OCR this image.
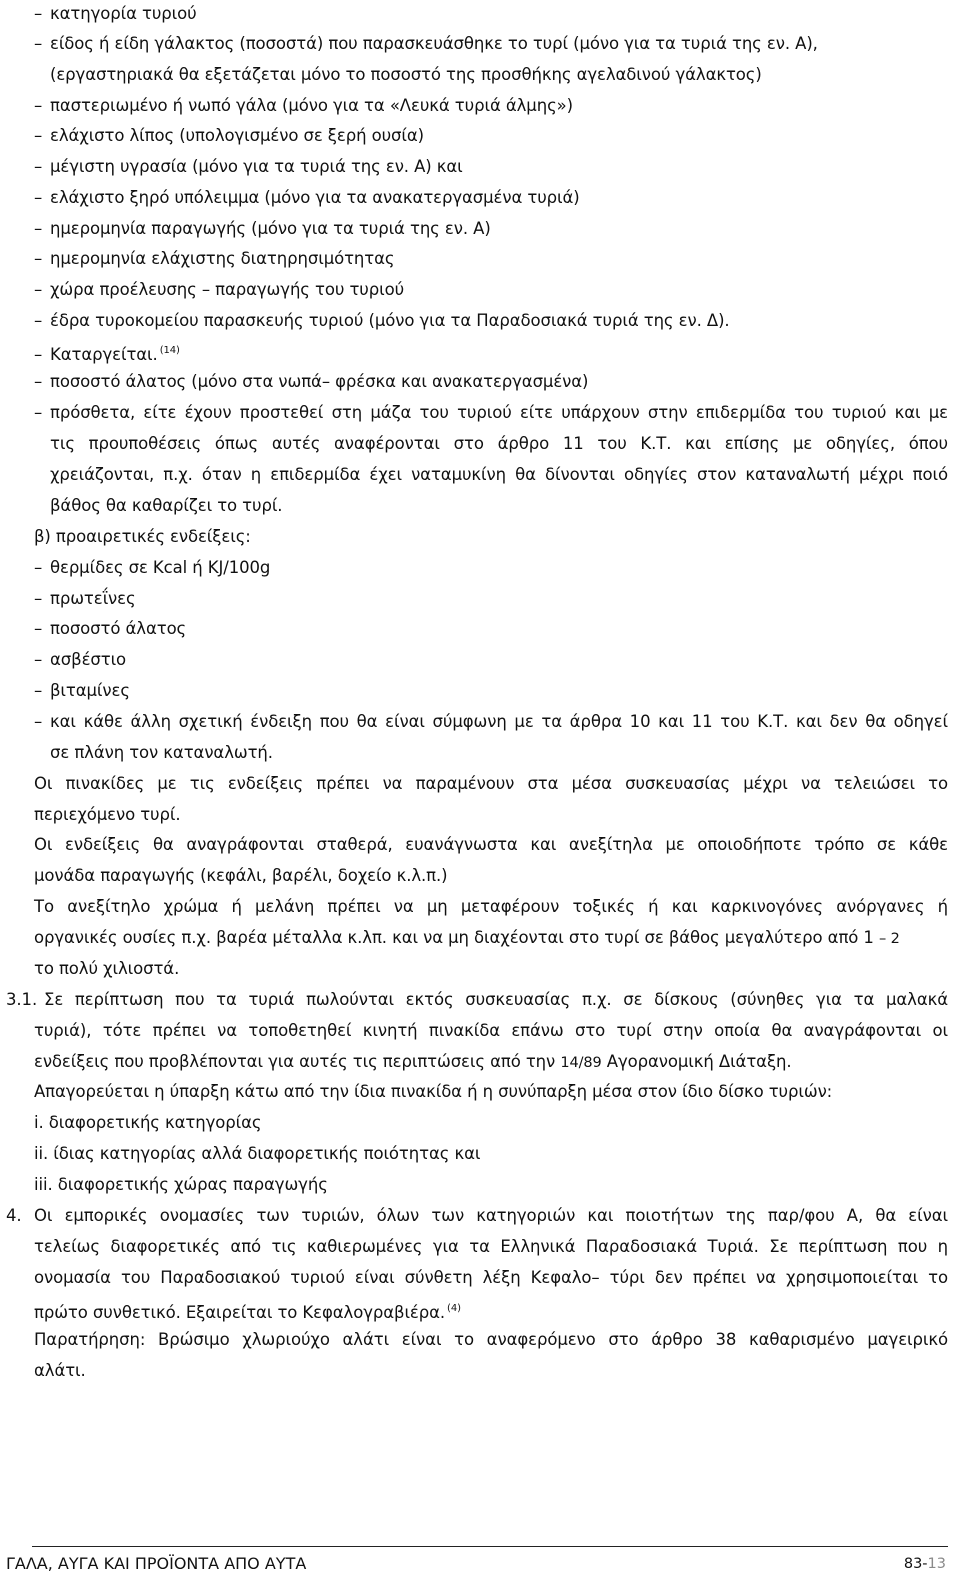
– κατηγορία τυριού
– είδος ή είδη γάλακτος (ποσοστά) που παρασκευάσθηκε το τυρί (μόνο για τα τυριά της εν. Α),
(εργαστηριακά θα εξετάζεται μόνο το ποσοστό της προσθήκης αγελαδινού γάλακτος)
– παστεριωμένο ή νωπό γάλα (μόνο για τα «Λευκά τυριά άλμης»)
– ελάχιστο λίπος (υπολογισμένο σε ξερή ουσία)
– μέγιστη υγρασία (μόνο για τα τυριά της εν. Α) και
– ελάχιστο ξηρό υπόλειμμα (μόνο για τα ανακατεργασμένα τυριά)
– ημερομηνία παραγωγής (μόνο για τα τυριά της εν. Α)
– ημερομηνία ελάχιστης διατηρησιμότητας
– χώρα προέλευσης – παραγωγής του τυριού
– έδρα τυροκομείου παρασκευής τυριού (μόνο για τα Παραδοσιακά τυριά της εν. Δ).
– Καταργείται. $^{(14)}$
– ποσοστό άλατος (μόνο στα νωπά– φρέσκα και ανακατεργασμένα)
– πρόσθετα, είτε έχουν προστεθεί στη μάζα του τυριού είτε υπάρχουν στην επιδερμίδα του τυριού και με
τις προυποθέσεις όπως αυτές αναφέρονται στο άρθρο 11 του Κ.Τ. και επίσης με οδηγίες, όπου
χρειάζονται, π.χ. όταν η επιδερμίδα έχει ναταμυκίνη θα δίνονται οδηγίες στον καταναλωτή μέχρι ποιό
βάθος θα καθαρίζει το τυρί.
β) προαιρετικές ενδείξεις:
– θερμίδες σε Kcal ή KJ/100g
– πρωτεΐνες
– ποσοστό άλατος
– ασβέστιο
– βιταμίνες
– και κάθε άλλη σχετική ένδειξη που θα είναι σύμφωνη με τα άρθρα 10 και 11 του Κ.Τ. και δεν θα οδηγεί
σε πλάνη τον καταναλωτή.
Οι πινακίδες με τις ενδείξεις πρέπει να παραμένουν στα μέσα συσκευασίας μέχρι να τελειώσει το
περιεχόμενο τυρί.
Οι ενδείξεις θα αναγράφονται σταθερά, ευανάγνωστα και ανεξίτηλα με οποιοδήποτε τρόπο σε κάθε
μονάδα παραγωγής (κεφάλι, βαρέλι, δοχείο κ.λ.π.)
Το ανεξίτηλο χρώμα ή μελάνη πρέπει να μη μεταφέρουν τοξικές ή και καρκινογόνες ανόργανες ή
οργανικές ουσίες π.χ. βαρέα μέταλλα κ.λπ. και να μη διαχέονται στο τυρί σε βάθος μεγαλύτερο από 1 – 2
το πολύ χιλιοστά.
3.1. Σε περίπτωση που τα τυριά πωλούνται εκτός συσκευασίας π.χ. σε δίσκους (σύνηθες για τα μαλακά
τυριά), τότε πρέπει να τοποθετηθεί κινητή πινακίδα επάνω στο τυρί στην οποία θα αναγράφονται οι
ενδείξεις που προβλέπονται για αυτές τις περιπτώσεις από την 14/89 Αγορανομική Διάταξη.
Απαγορεύεται η ύπαρξη κάτω από την ίδια πινακίδα ή η συνύπαρξη μέσα στον ίδιο δίσκο τυριών:
i. διαφορετικής κατηγορίας
ii. ίδιας κατηγορίας αλλά διαφορετικής ποιότητας και
iii. διαφορετικής χώρας παραγωγής
4. Οι εμπορικές ονομασίες των τυριών, όλων των κατηγοριών και ποιοτήτων της παρ/φου Α, θα είναι
τελείως διαφορετικές από τις καθιερωμένες για τα Ελληνικά Παραδοσιακά Τυριά. Σε περίπτωση που η
ονομασία του Παραδοσιακού τυριού είναι σύνθετη λέξη Κεφαλο– τύρι δεν πρέπει να χρησιμοποιείται το
πρώτο συνθετικό. Εξαιρείται το Κεφαλογραβιέρα. $^{(4)}$
Παρατήρηση: Βρώσιμο χλωριούχο αλάτι είναι το αναφερόμενο στο άρθρο 38 καθαρισμένο μαγειρικό
αλάτι.
ΓΑΛΑ, ΑΥΓΑ ΚΑΙ ΠΡΟΪΟΝΤΑ ΑΠΟ ΑΥΤΑ	83-13
